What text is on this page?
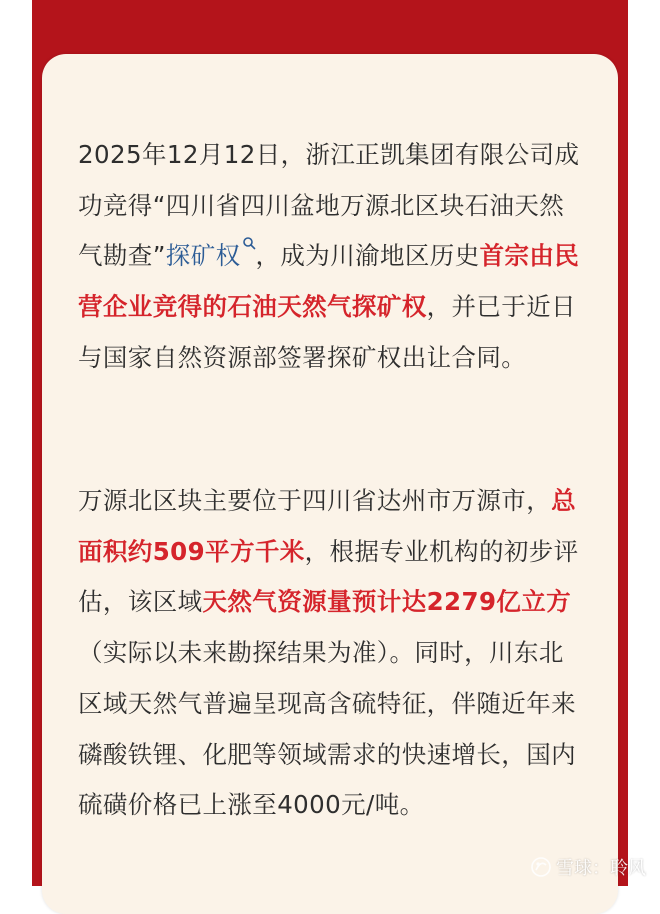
2025年12月12日，浙江正凯集团有限公司成功竞得“四川省四川盆地万源北区块石油天然气勘查”探矿权 ，成为川渝地区历史首宗由民营企业竞得的石油天然气探矿权，并已于近日与国家自然资源部签署探矿权出让合同。
万源北区块主要位于四川省达州市万源市，总面积约509平方千米，根据专业机构的初步评估，该区域天然气资源量预计达2279亿立方（实际以未来勘探结果为准）。同时，川东北区域天然气普遍呈现高含硫特征，伴随近年来磷酸铁锂、化肥等领域需求的快速增长，国内硫磺价格已上涨至4000元/吨。
雪球：聆风
